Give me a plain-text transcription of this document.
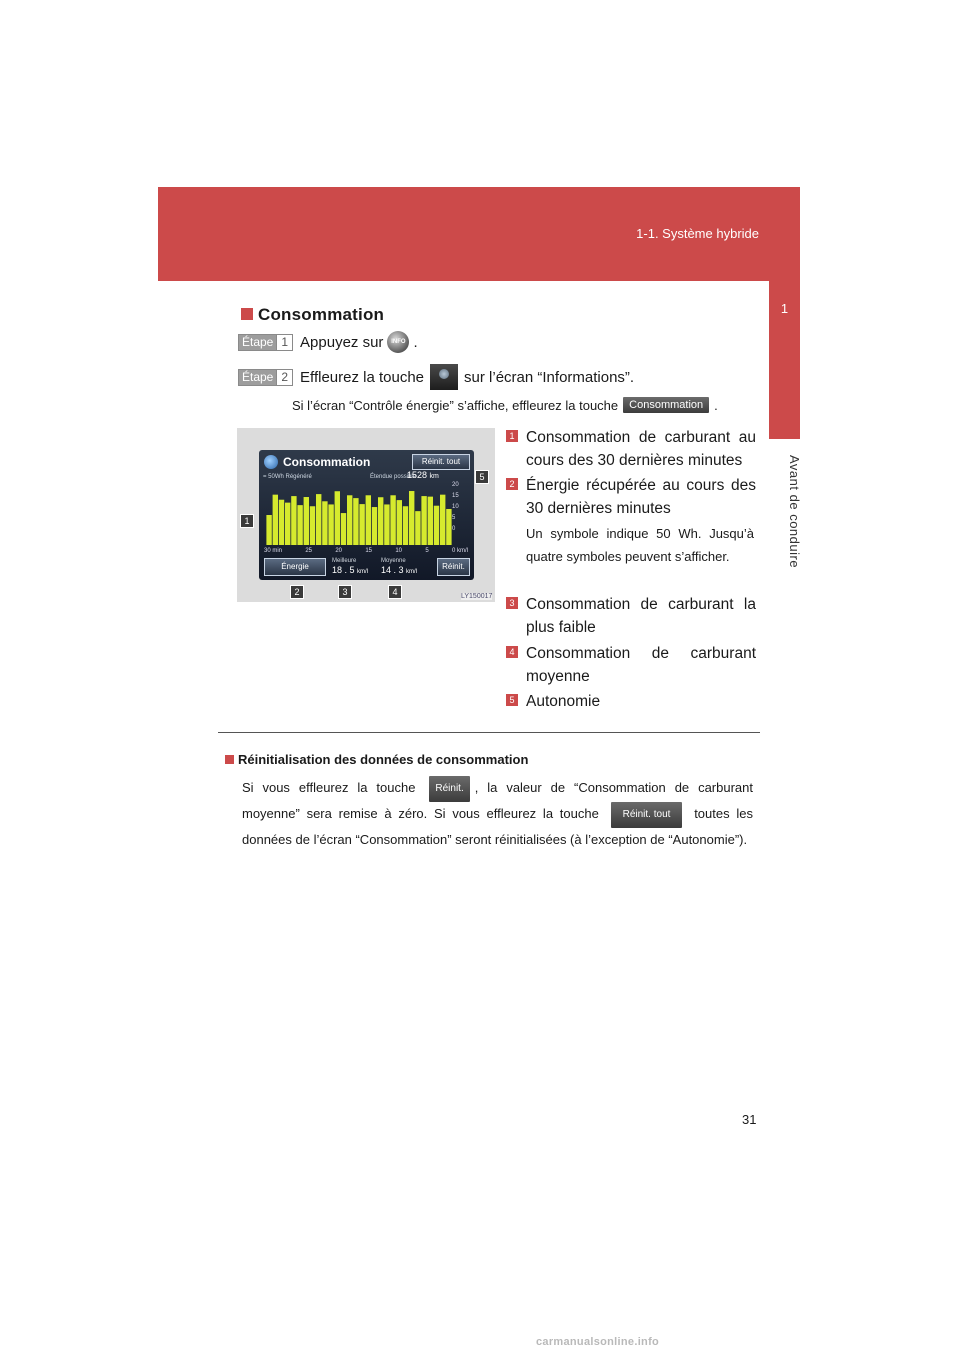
1-1. Système hybride
1
Avant de conduire
Consommation
Étape 1 Appuyez sur	INFO .
Étape 2 Effleurez la touche	sur l’écran “Informations”.
Si l’écran “Contrôle énergie” s’affiche, effleurez la touche	Consommation .
Consommation	Réinit. tout
= 50Wh Régénéré	Étendue possible
1528 km
20
15
10
5
0
30 min	25	20	15	10	5	0 km/l
Énergie
Meilleure
18 . 5 km/l
Moyenne
14 . 3 km/l
Réinit.
1
2	3	4
5
LY150017
1 Consommation de carburant au cours des 30 dernières minutes
2 Énergie récupérée au cours des 30 dernières minutes
Un symbole indique 50 Wh. Jusqu’à quatre symboles peuvent s’afficher.
3 Consommation de carburant la plus faible
4 Consommation de carburant moyenne
5 Autonomie
Réinitialisation des données de consommation
Si vous effleurez la touche Réinit. , la valeur de “Consommation de carburant moyenne” sera remise à zéro. Si vous effleurez la touche Réinit. tout toutes les données de l’écran “Consommation” seront réinitialisées (à l’exception de “Autonomie”).
31
carmanualsonline.info
